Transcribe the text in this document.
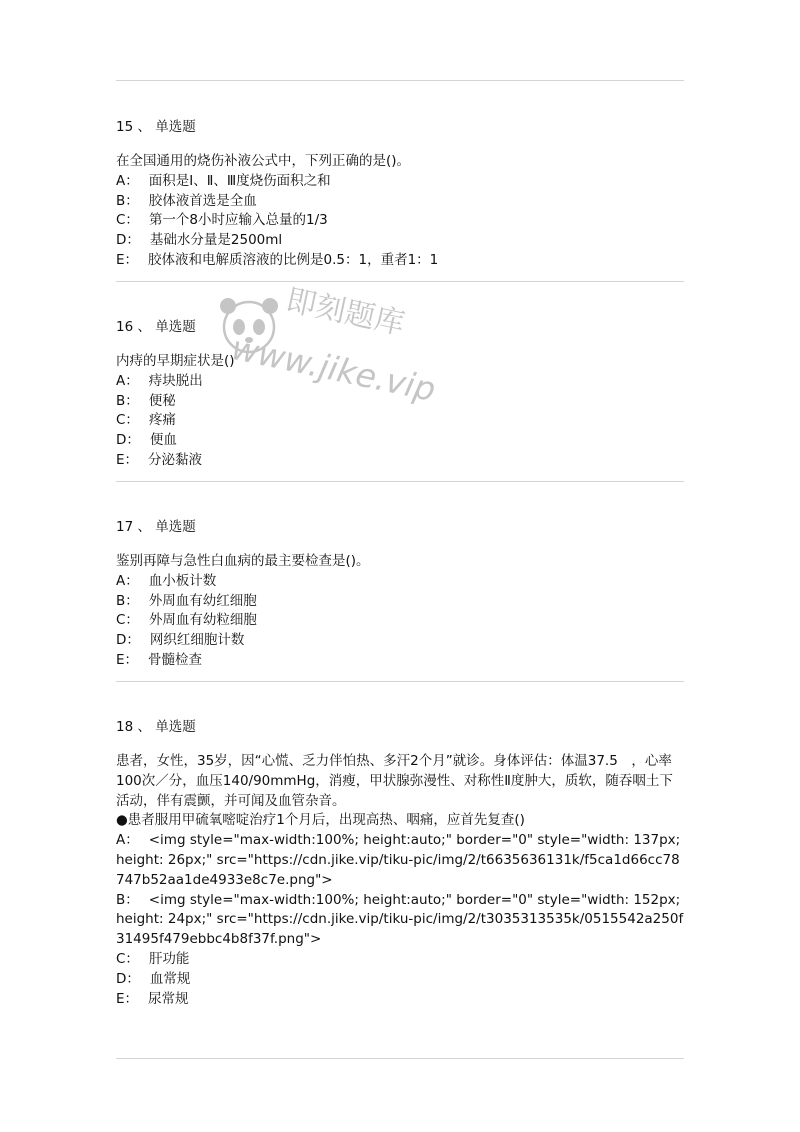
15 、 单选题

在全国通用的烧伤补液公式中，下列正确的是()。

A： 面积是Ⅰ、Ⅱ、Ⅲ度烧伤面积之和

B： 胶体液首选是全血

C： 第一个8小时应输入总量的1/3

D： 基础水分量是2500ml

E： 胶体液和电解质溶液的比例是0.5：1，重者1：1

16 、 单选题

内痔的早期症状是()

A： 痔块脱出

B： 便秘

C： 疼痛

D： 便血

E： 分泌黏液

17 、 单选题

鉴别再障与急性白血病的最主要检查是()。

A： 血小板计数

B： 外周血有幼红细胞

C： 外周血有幼粒细胞

D： 网织红细胞计数

E： 骨髓检查

18 、 单选题

患者，女性，35岁，因“心慌、乏力伴怕热、多汗2个月”就诊。身体评估：体温37.5　，心率100次／分，血压140/90mmHg，消瘦，甲状腺弥漫性、对称性Ⅱ度肿大，质软，随吞咽土下活动，伴有震颤，并可闻及血管杂音。

●患者服用甲硫氧嘧啶治疗1个月后，出现高热、咽痛，应首先复查()

A： <img style="max-width:100%; height:auto;" border="0" style="width: 137px; height: 26px;" src="https://cdn.jike.vip/tiku-pic/img/2/t6635636131k/f5ca1d66cc78747b52aa1de4933e8c7e.png">

B： <img style="max-width:100%; height:auto;" border="0" style="width: 152px; height: 24px;" src="https://cdn.jike.vip/tiku-pic/img/2/t3035313535k/0515542a250f31495f479ebbc4b8f37f.png">

C： 肝功能

D： 血常规

E： 尿常规

即刻题库
www.jike.vip
